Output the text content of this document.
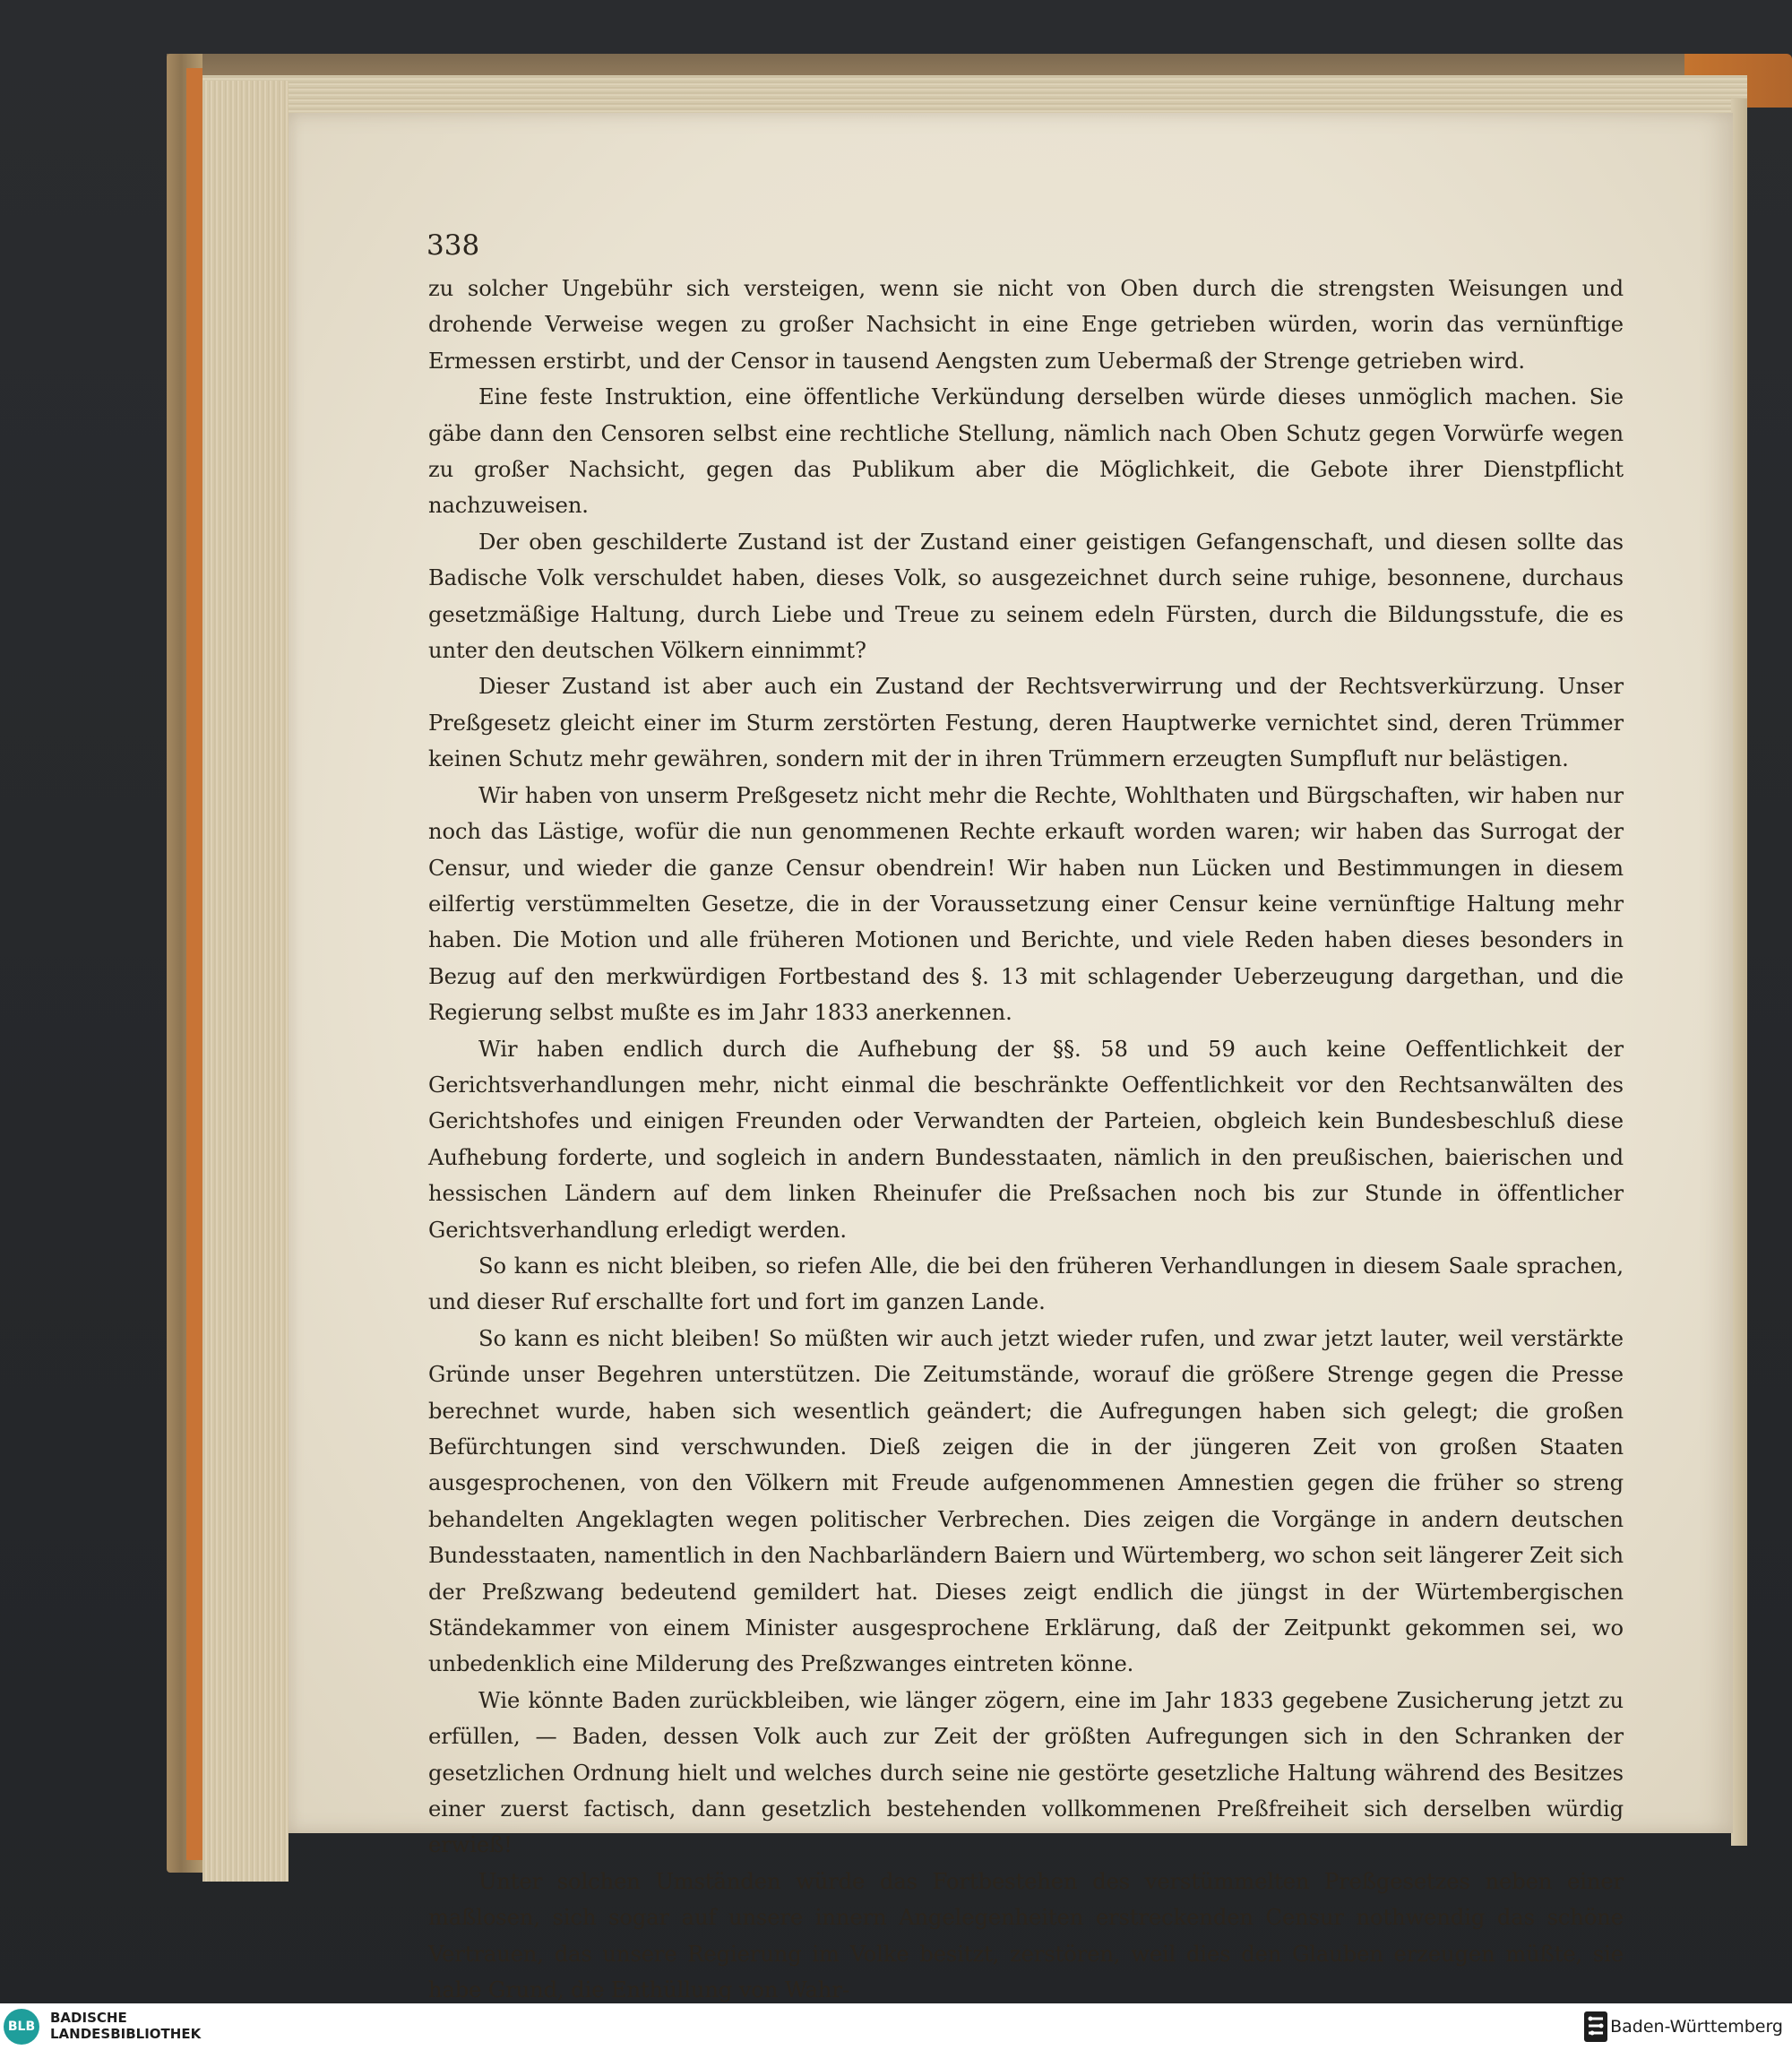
338

zu solcher Ungebühr sich versteigen, wenn sie nicht von Oben durch die strengsten Weisungen und drohende Verweise wegen zu großer Nachsicht in eine Enge getrieben würden, worin das vernünftige Ermessen erstirbt, und der Censor in tausend Aengsten zum Uebermaß der Strenge getrieben wird.

Eine feste Instruktion, eine öffentliche Verkündung derselben würde dieses unmöglich machen. Sie gäbe dann den Censoren selbst eine rechtliche Stellung, nämlich nach Oben Schutz gegen Vorwürfe wegen zu großer Nachsicht, gegen das Publikum aber die Möglichkeit, die Gebote ihrer Dienstpflicht nachzuweisen.

Der oben geschilderte Zustand ist der Zustand einer geistigen Gefangenschaft, und diesen sollte das Badische Volk verschuldet haben, dieses Volk, so ausgezeichnet durch seine ruhige, besonnene, durchaus gesetzmäßige Haltung, durch Liebe und Treue zu seinem edeln Fürsten, durch die Bildungsstufe, die es unter den deutschen Völkern einnimmt?

Dieser Zustand ist aber auch ein Zustand der Rechtsverwirrung und der Rechtsverkürzung. Unser Preßgesetz gleicht einer im Sturm zerstörten Festung, deren Hauptwerke vernichtet sind, deren Trümmer keinen Schutz mehr gewähren, sondern mit der in ihren Trümmern erzeugten Sumpfluft nur belästigen.

Wir haben von unserm Preßgesetz nicht mehr die Rechte, Wohlthaten und Bürgschaften, wir haben nur noch das Lästige, wofür die nun genommenen Rechte erkauft worden waren; wir haben das Surrogat der Censur, und wieder die ganze Censur obendrein! Wir haben nun Lücken und Bestimmungen in diesem eilfertig verstümmelten Gesetze, die in der Voraussetzung einer Censur keine vernünftige Haltung mehr haben. Die Motion und alle früheren Motionen und Berichte, und viele Reden haben dieses besonders in Bezug auf den merkwürdigen Fortbestand des §. 13 mit schlagender Ueberzeugung dargethan, und die Regierung selbst mußte es im Jahr 1833 anerkennen.

Wir haben endlich durch die Aufhebung der §§. 58 und 59 auch keine Oeffentlichkeit der Gerichtsverhandlungen mehr, nicht einmal die beschränkte Oeffentlichkeit vor den Rechtsanwälten des Gerichtshofes und einigen Freunden oder Verwandten der Parteien, obgleich kein Bundesbeschluß diese Aufhebung forderte, und sogleich in andern Bundesstaaten, nämlich in den preußischen, baierischen und hessischen Ländern auf dem linken Rheinufer die Preßsachen noch bis zur Stunde in öffentlicher Gerichtsverhandlung erledigt werden.

So kann es nicht bleiben, so riefen Alle, die bei den früheren Verhandlungen in diesem Saale sprachen, und dieser Ruf erschallte fort und fort im ganzen Lande.

So kann es nicht bleiben! So müßten wir auch jetzt wieder rufen, und zwar jetzt lauter, weil verstärkte Gründe unser Begehren unterstützen. Die Zeitumstände, worauf die größere Strenge gegen die Presse berechnet wurde, haben sich wesentlich geändert; die Aufregungen haben sich gelegt; die großen Befürchtungen sind verschwunden. Dieß zeigen die in der jüngeren Zeit von großen Staaten ausgesprochenen, von den Völkern mit Freude aufgenommenen Amnestien gegen die früher so streng behandelten Angeklagten wegen politischer Verbrechen. Dies zeigen die Vorgänge in andern deutschen Bundesstaaten, namentlich in den Nachbarländern Baiern und Würtemberg, wo schon seit längerer Zeit sich der Preßzwang bedeutend gemildert hat. Dieses zeigt endlich die jüngst in der Würtembergischen Ständekammer von einem Minister ausgesprochene Erklärung, daß der Zeitpunkt gekommen sei, wo unbedenklich eine Milderung des Preßzwanges eintreten könne.

Wie könnte Baden zurückbleiben, wie länger zögern, eine im Jahr 1833 gegebene Zusicherung jetzt zu erfüllen, — Baden, dessen Volk auch zur Zeit der größten Aufregungen sich in den Schranken der gesetzlichen Ordnung hielt und welches durch seine nie gestörte gesetzliche Haltung während des Besitzes einer zuerst factisch, dann gesetzlich bestehenden vollkommenen Preßfreiheit sich derselben würdig erwieß!

Unter solchen Umständen würde das Fortbestehen des verstümmelten Preßgesetzes neben einer maßlosen, sich sogar auf unsere innern Angelegenheiten erstreckenden Censur nothwendig das schöne Vertrauen, das unsere Regierung im Volke besitzt, zerstören, weil dies den Glauben erzeugen müßte, sie habe Grund, die Enthüllung von Wahr-

BLB
BADISCHE
LANDESBIBLIOTHEK	Baden-Württemberg
